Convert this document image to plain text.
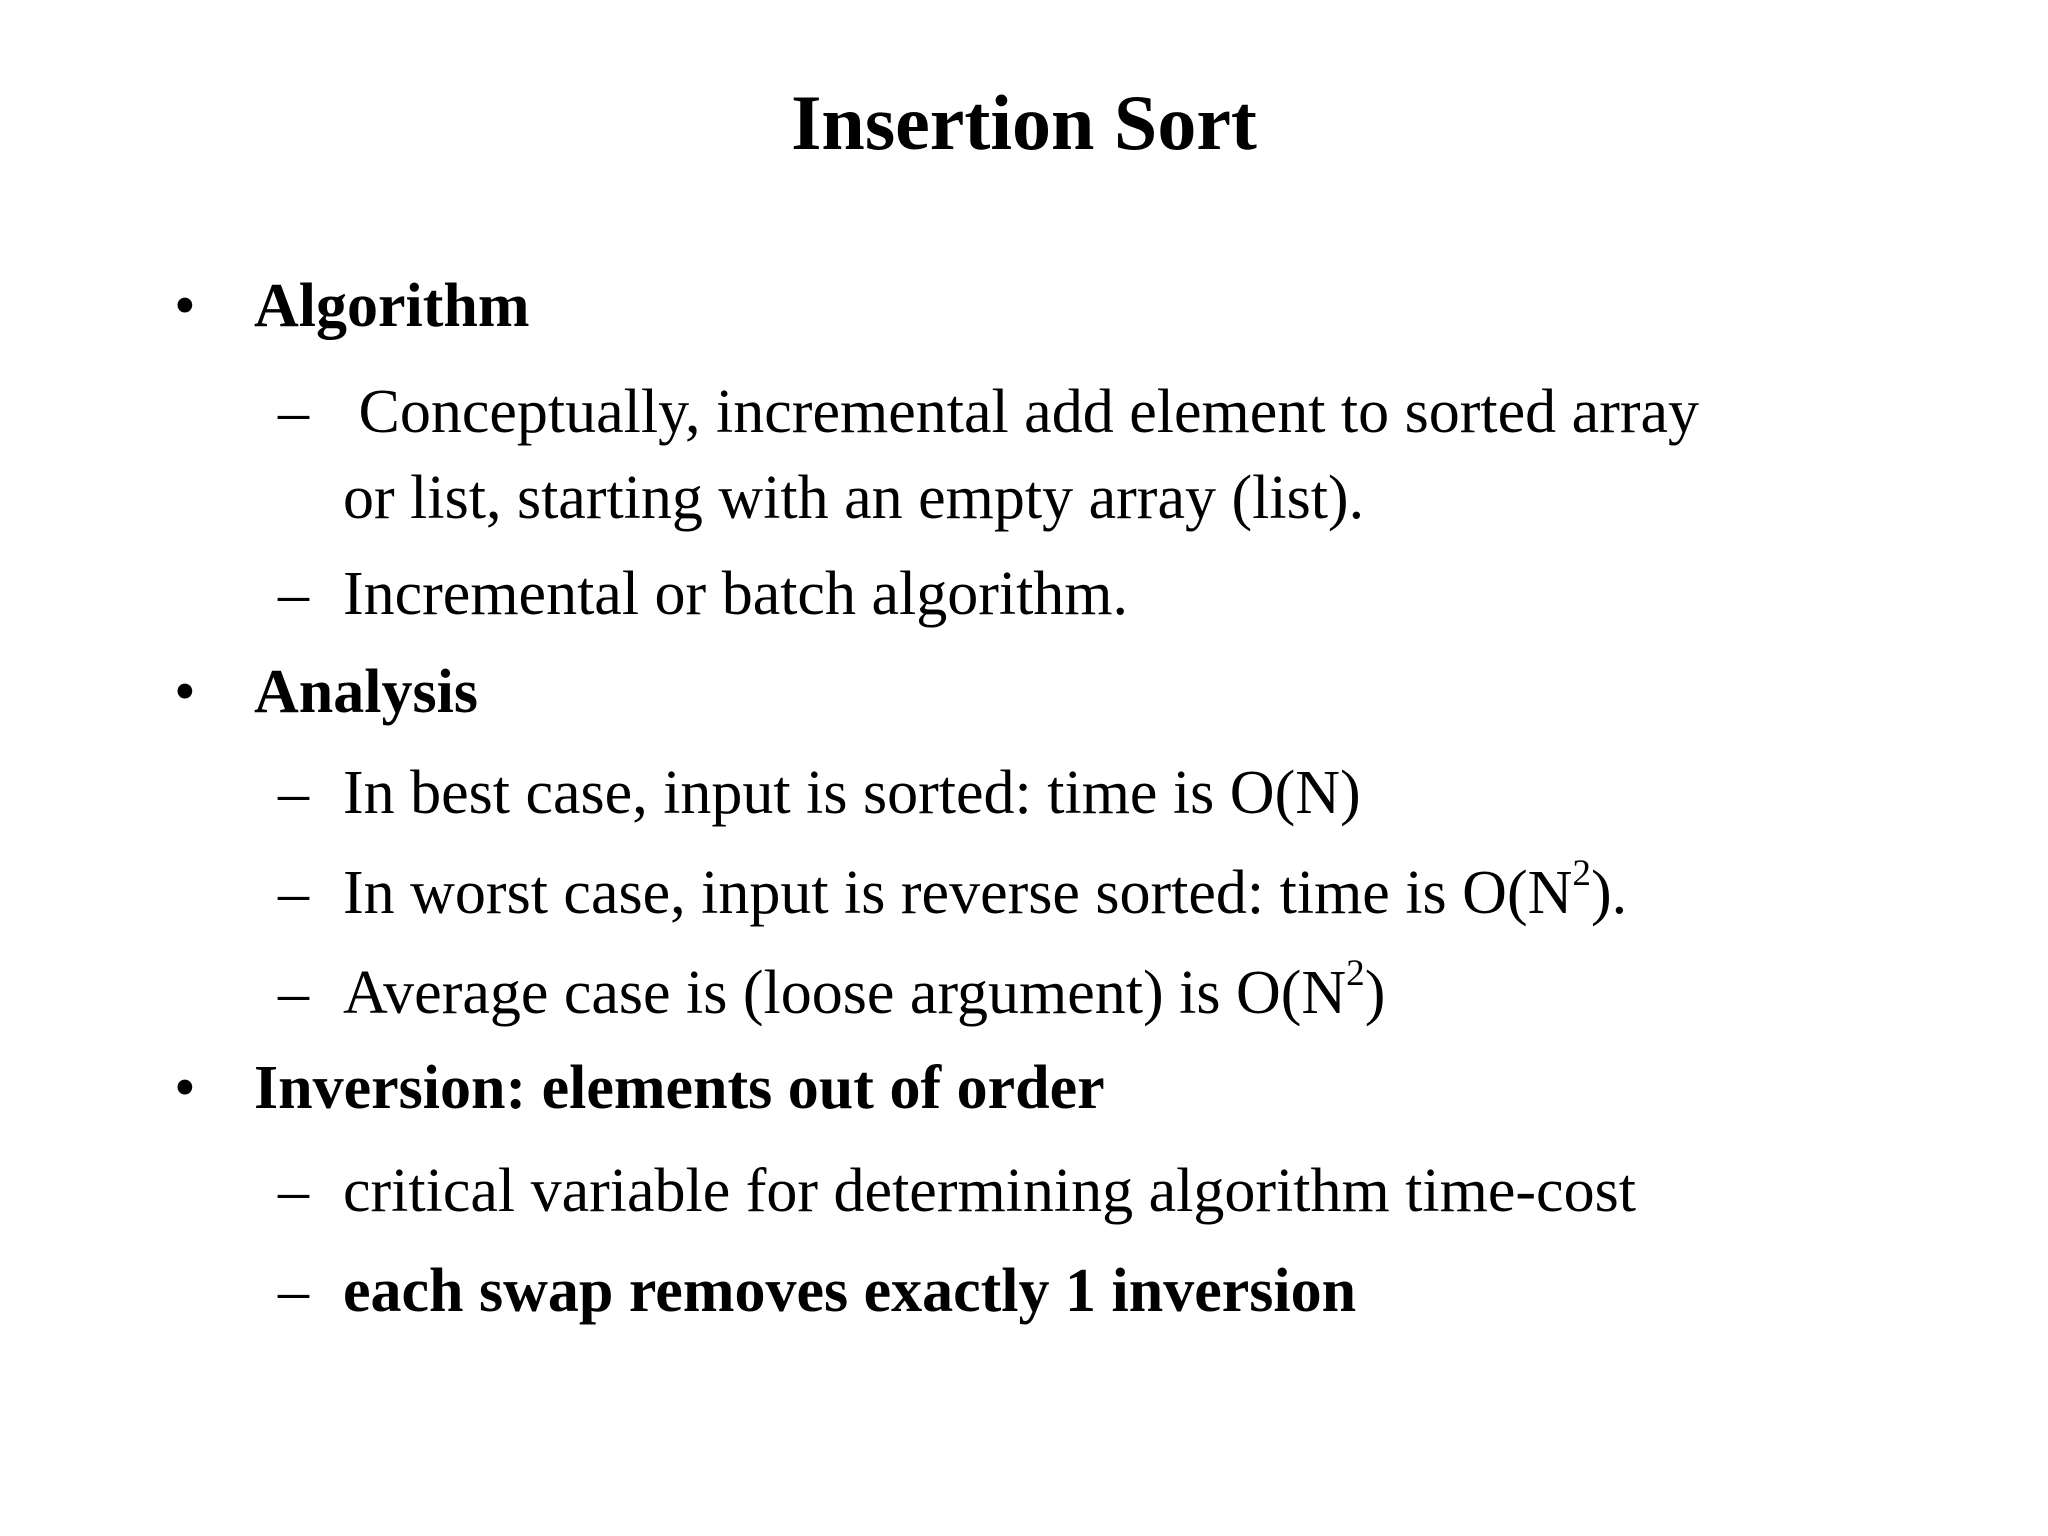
Insertion Sort
• Algorithm
– Conceptually, incremental add element to sorted array
or list, starting with an empty array (list).
– Incremental or batch algorithm.
• Analysis
– In best case, input is sorted: time is O(N)
– In worst case, input is reverse sorted: time is $O(N^2)$.
– Average case is (loose argument) is $O(N^2)$
• Inversion: elements out of order
– critical variable for determining algorithm time-cost
– each swap removes exactly 1 inversion
